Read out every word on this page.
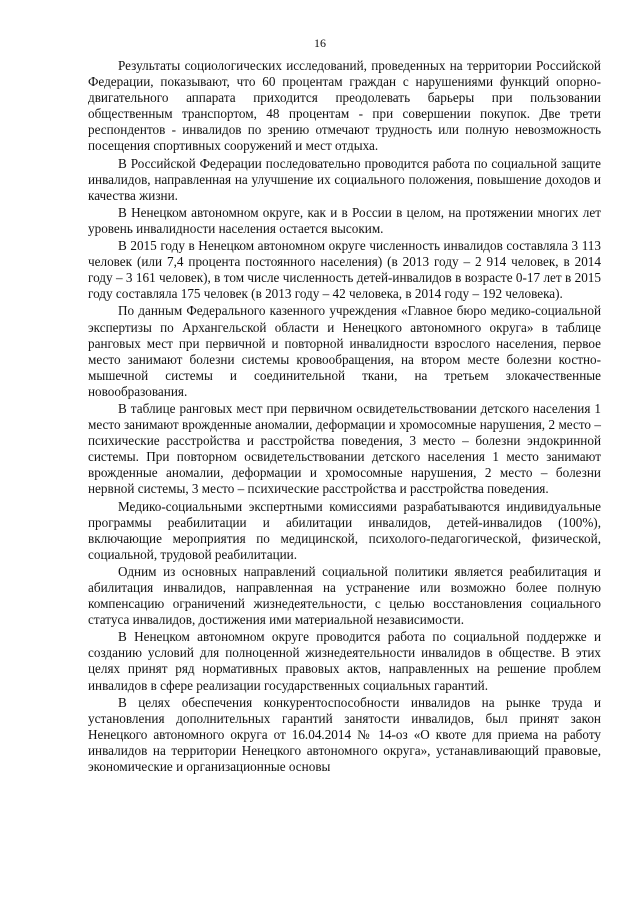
16

Результаты социологических исследований, проведенных на территории Российской Федерации, показывают, что 60 процентам граждан с нарушениями функций опорно-двигательного аппарата приходится преодолевать барьеры при пользовании общественным транспортом, 48 процентам - при совершении покупок. Две трети респондентов - инвалидов по зрению отмечают трудность или полную невозможность посещения спортивных сооружений и мест отдыха.

В Российской Федерации последовательно проводится работа по социальной защите инвалидов, направленная на улучшение их социального положения, повышение доходов и качества жизни.

В Ненецком автономном округе, как и в России в целом, на протяжении многих лет уровень инвалидности населения остается высоким.

В 2015 году в Ненецком автономном округе численность инвалидов составляла 3 113 человек (или 7,4 процента постоянного населения) (в 2013 году – 2 914 человек, в 2014 году – 3 161 человек), в том числе численность детей-инвалидов в возрасте 0-17 лет в 2015 году составляла 175 человек (в 2013 году – 42 человека, в 2014 году – 192 человека).

По данным Федерального казенного учреждения «Главное бюро медико-социальной экспертизы по Архангельской области и Ненецкого автономного округа» в таблице ранговых мест при первичной и повторной инвалидности взрослого населения, первое место занимают болезни системы кровообращения, на втором месте болезни костно-мышечной системы и соединительной ткани, на третьем злокачественные новообразования.

В таблице ранговых мест при первичном освидетельствовании детского населения 1 место занимают врожденные аномалии, деформации и хромосомные нарушения, 2 место – психические расстройства и расстройства поведения, 3 место – болезни эндокринной системы. При повторном освидетельствовании детского населения 1 место занимают врожденные аномалии, деформации и хромосомные нарушения, 2 место – болезни нервной системы, 3 место – психические расстройства и расстройства поведения.

Медико-социальными экспертными комиссиями разрабатываются индивидуальные программы реабилитации и абилитации инвалидов, детей-инвалидов (100%), включающие мероприятия по медицинской, психолого-педагогической, физической, социальной, трудовой реабилитации.

Одним из основных направлений социальной политики является реабилитация и абилитация инвалидов, направленная на устранение или возможно более полную компенсацию ограничений жизнедеятельности, с целью восстановления социального статуса инвалидов, достижения ими материальной независимости.

В Ненецком автономном округе проводится работа по социальной поддержке и созданию условий для полноценной жизнедеятельности инвалидов в обществе. В этих целях принят ряд нормативных правовых актов, направленных на решение проблем инвалидов в сфере реализации государственных социальных гарантий.

В целях обеспечения конкурентоспособности инвалидов на рынке труда и установления дополнительных гарантий занятости инвалидов, был принят закон Ненецкого автономного округа от 16.04.2014 № 14-оз «О квоте для приема на работу инвалидов на территории Ненецкого автономного округа», устанавливающий правовые, экономические и организационные основы
